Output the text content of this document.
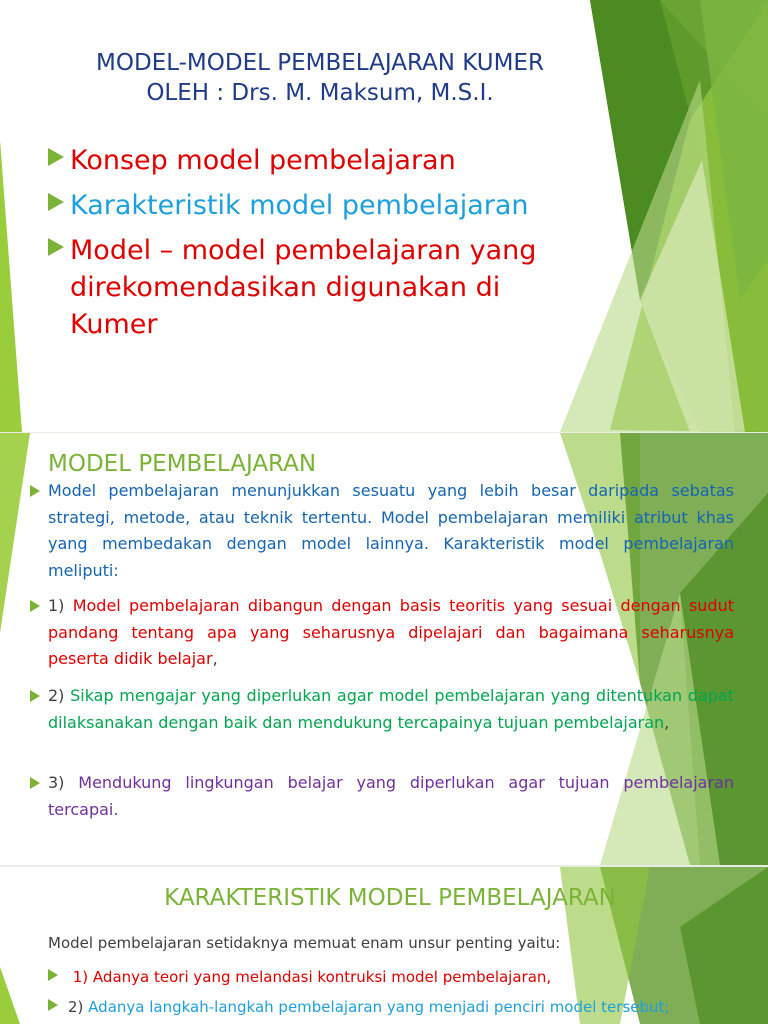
MODEL-MODEL PEMBELAJARAN KUMER
OLEH : Drs. M. Maksum, M.S.I.
Konsep model pembelajaran
Karakteristik model pembelajaran
Model – model pembelajaran yang direkomendasikan digunakan di Kumer
MODEL PEMBELAJARAN
Model pembelajaran menunjukkan sesuatu yang lebih besar daripada sebatas strategi, metode, atau teknik tertentu. Model pembelajaran memiliki atribut khas yang membedakan dengan model lainnya. Karakteristik model pembelajaran meliputi:
1) Model pembelajaran dibangun dengan basis teoritis yang sesuai dengan sudut pandang tentang apa yang seharusnya dipelajari dan bagaimana seharusnya peserta didik belajar,
2) Sikap mengajar yang diperlukan agar model pembelajaran yang ditentukan dapat dilaksanakan dengan baik dan mendukung tercapainya tujuan pembelajaran,
3) Mendukung lingkungan belajar yang diperlukan agar tujuan pembelajaran tercapai.
KARAKTERISTIK MODEL PEMBELAJARAN
Model pembelajaran setidaknya memuat enam unsur penting yaitu:
1) Adanya teori yang melandasi kontruksi model pembelajaran,
2) Adanya langkah-langkah pembelajaran yang menjadi penciri model tersebut;
